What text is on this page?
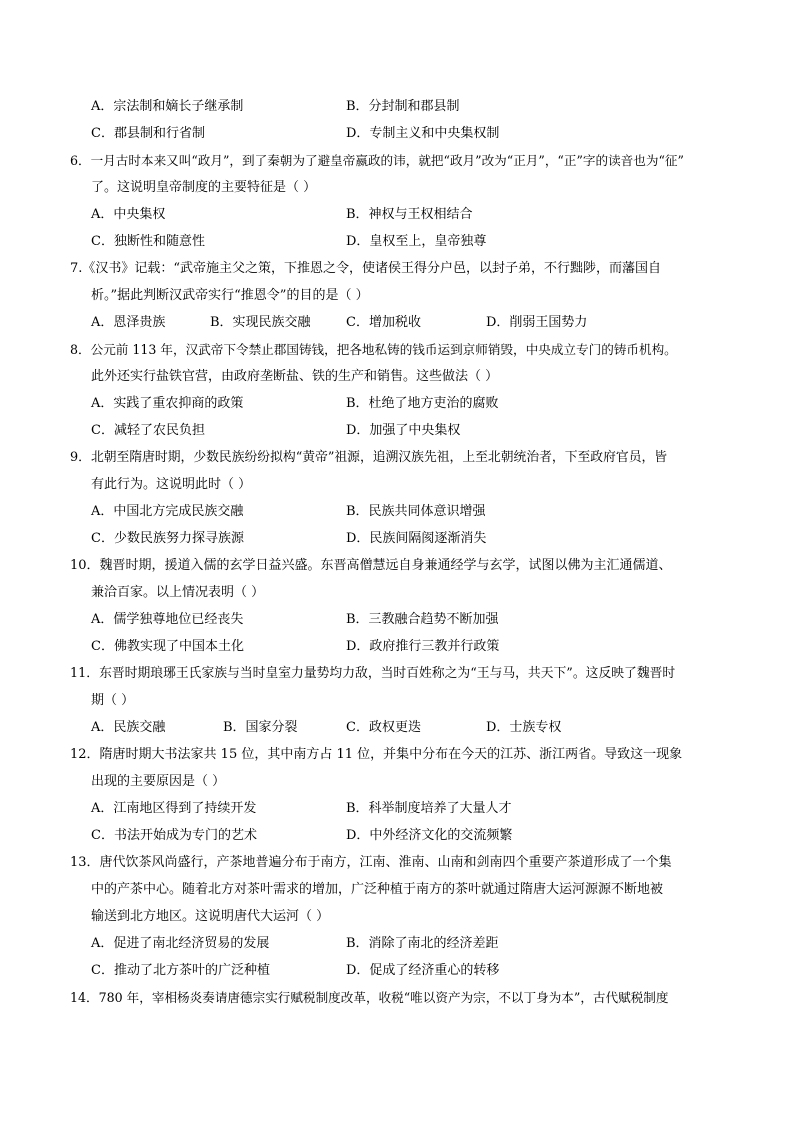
A．宗法制和嫡长子继承制	B．分封制和郡县制
C．郡县制和行省制	D．专制主义和中央集权制
6．一月古时本来又叫“政月”，到了秦朝为了避皇帝嬴政的讳，就把“政月”改为“正月”，“正”字的读音也为“征”
了。这说明皇帝制度的主要特征是（ ）
A．中央集权	B．神权与王权相结合
C．独断性和随意性	D．皇权至上，皇帝独尊
7.《汉书》记载：“武帝施主父之策，下推恩之令，使诸侯王得分户邑，以封子弟，不行黜陟，而藩国自
析。”据此判断汉武帝实行“推恩令”的目的是（ ）
A．恩泽贵族	B．实现民族交融	C．增加税收	D．削弱王国势力
8．公元前 113 年，汉武帝下令禁止郡国铸钱，把各地私铸的钱币运到京师销毁，中央成立专门的铸币机构。
此外还实行盐铁官营，由政府垄断盐、铁的生产和销售。这些做法（ ）
A．实践了重农抑商的政策	B．杜绝了地方吏治的腐败
C．减轻了农民负担	D．加强了中央集权
9．北朝至隋唐时期，少数民族纷纷拟构“黄帝”祖源，追溯汉族先祖，上至北朝统治者，下至政府官员，皆
有此行为。这说明此时（ ）
A．中国北方完成民族交融	B．民族共同体意识增强
C．少数民族努力探寻族源	D．民族间隔阂逐渐消失
10．魏晋时期，援道入儒的玄学日益兴盛。东晋高僧慧远自身兼通经学与玄学，试图以佛为主汇通儒道、
兼洽百家。以上情况表明（ ）
A．儒学独尊地位已经丧失	B．三教融合趋势不断加强
C．佛教实现了中国本土化	D．政府推行三教并行政策
11．东晋时期琅琊王氏家族与当时皇室力量势均力敌，当时百姓称之为“王与马，共天下”。这反映了魏晋时
期（ ）
A．民族交融	B．国家分裂	C．政权更迭	D．士族专权
12．隋唐时期大书法家共 15 位，其中南方占 11 位，并集中分布在今天的江苏、浙江两省。导致这一现象
出现的主要原因是（ ）
A．江南地区得到了持续开发	B．科举制度培养了大量人才
C．书法开始成为专门的艺术	D．中外经济文化的交流频繁
13．唐代饮茶风尚盛行，产茶地普遍分布于南方，江南、淮南、山南和剑南四个重要产茶道形成了一个集
中的产茶中心。随着北方对茶叶需求的增加，广泛种植于南方的茶叶就通过隋唐大运河源源不断地被
输送到北方地区。这说明唐代大运河（ ）
A．促进了南北经济贸易的发展	B．消除了南北的经济差距
C．推动了北方茶叶的广泛种植	D．促成了经济重心的转移
14．780 年，宰相杨炎奏请唐德宗实行赋税制度改革，收税“唯以资产为宗，不以丁身为本”，古代赋税制度
